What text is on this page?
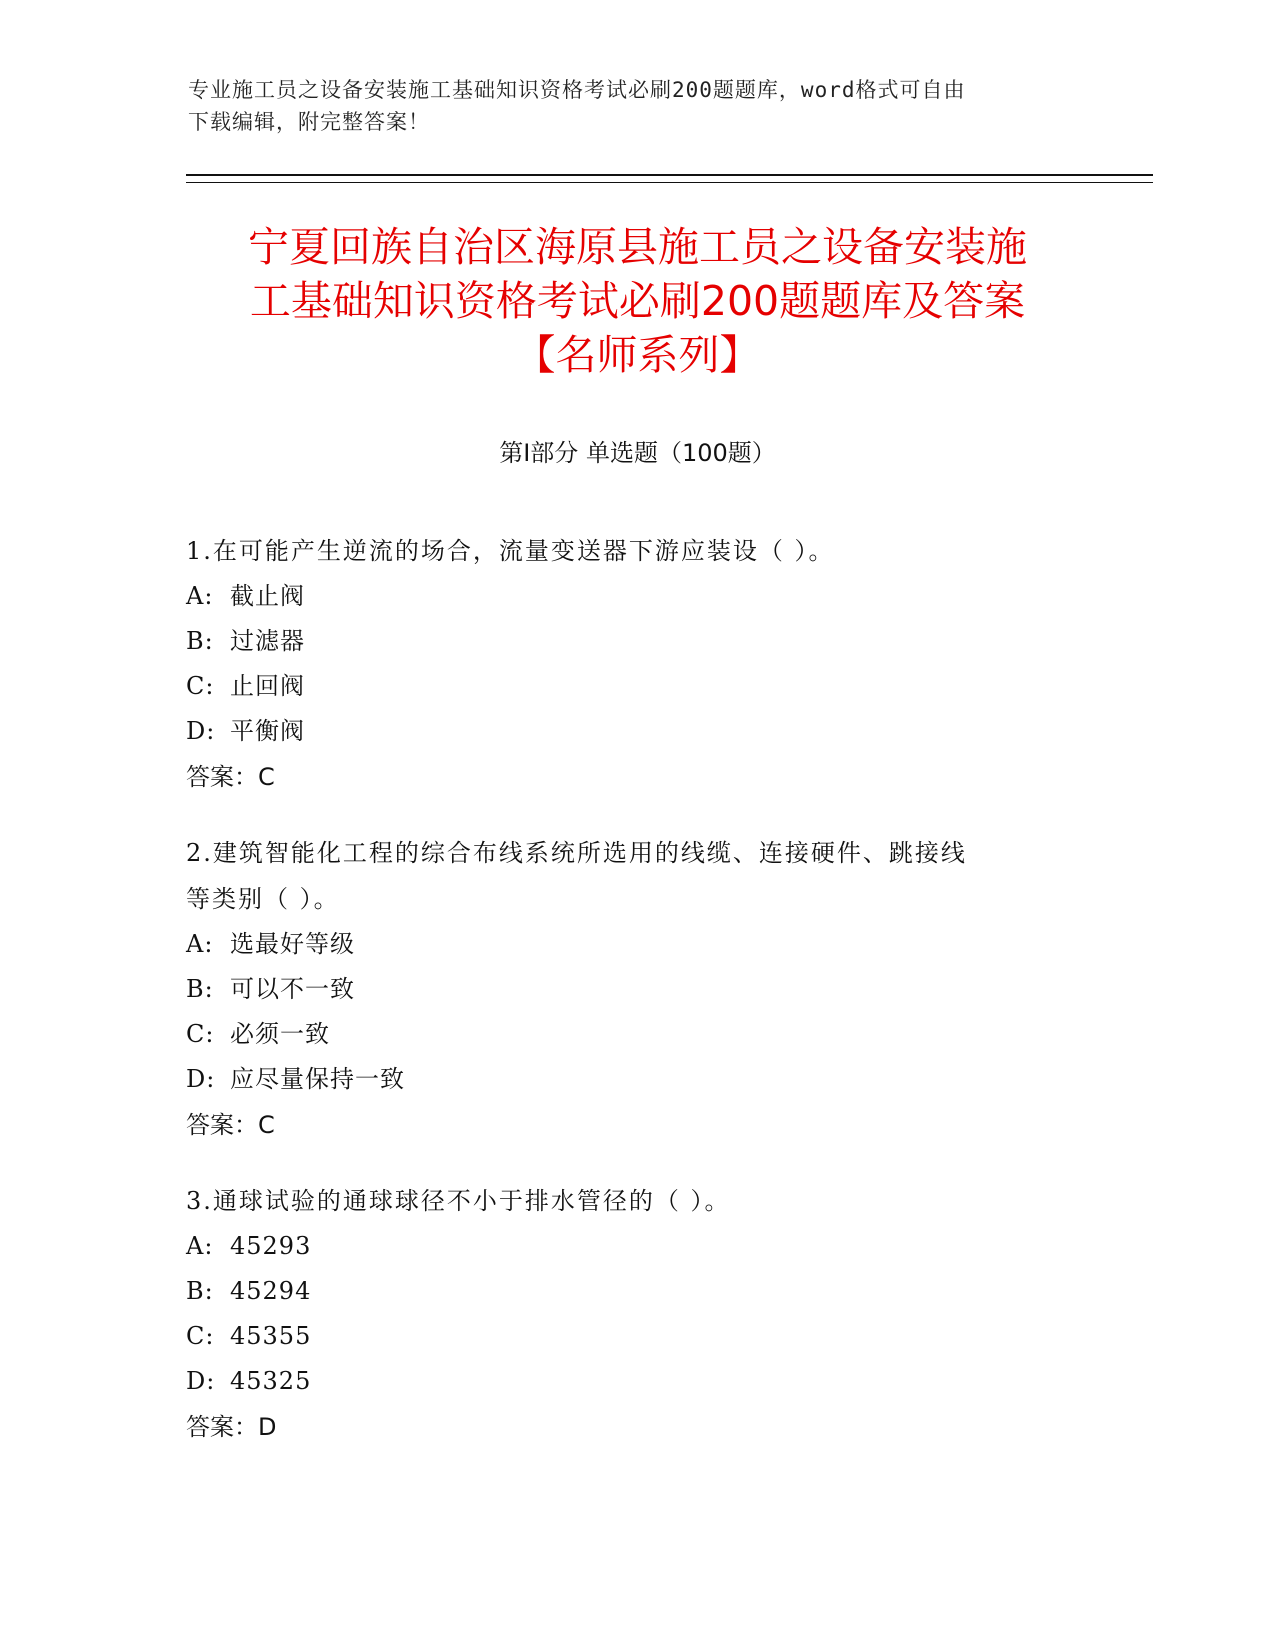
专业施工员之设备安装施工基础知识资格考试必刷200题题库，word格式可自由
下载编辑，附完整答案！
宁夏回族自治区海原县施工员之设备安装施
工基础知识资格考试必刷200题题库及答案
【名师系列】
第Ⅰ部分 单选题（100题）
1.在可能产生逆流的场合，流量变送器下游应装设（ ）。
A: 截止阀
B: 过滤器
C: 止回阀
D: 平衡阀
答案：C
2.建筑智能化工程的综合布线系统所选用的线缆、连接硬件、跳接线
等类别（ ）。
A: 选最好等级
B: 可以不一致
C: 必须一致
D: 应尽量保持一致
答案：C
3.通球试验的通球球径不小于排水管径的（ ）。
A: 45293
B: 45294
C: 45355
D: 45325
答案：D
